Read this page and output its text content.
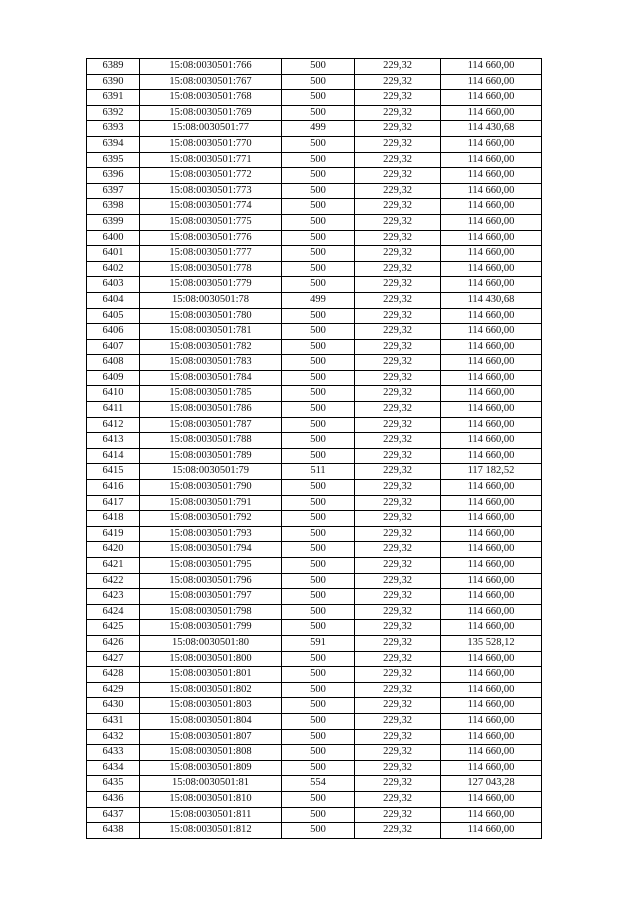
6389	15:08:0030501:766	500	229,32	114 660,00
6390	15:08:0030501:767	500	229,32	114 660,00
6391	15:08:0030501:768	500	229,32	114 660,00
6392	15:08:0030501:769	500	229,32	114 660,00
6393	15:08:0030501:77	499	229,32	114 430,68
6394	15:08:0030501:770	500	229,32	114 660,00
6395	15:08:0030501:771	500	229,32	114 660,00
6396	15:08:0030501:772	500	229,32	114 660,00
6397	15:08:0030501:773	500	229,32	114 660,00
6398	15:08:0030501:774	500	229,32	114 660,00
6399	15:08:0030501:775	500	229,32	114 660,00
6400	15:08:0030501:776	500	229,32	114 660,00
6401	15:08:0030501:777	500	229,32	114 660,00
6402	15:08:0030501:778	500	229,32	114 660,00
6403	15:08:0030501:779	500	229,32	114 660,00
6404	15:08:0030501:78	499	229,32	114 430,68
6405	15:08:0030501:780	500	229,32	114 660,00
6406	15:08:0030501:781	500	229,32	114 660,00
6407	15:08:0030501:782	500	229,32	114 660,00
6408	15:08:0030501:783	500	229,32	114 660,00
6409	15:08:0030501:784	500	229,32	114 660,00
6410	15:08:0030501:785	500	229,32	114 660,00
6411	15:08:0030501:786	500	229,32	114 660,00
6412	15:08:0030501:787	500	229,32	114 660,00
6413	15:08:0030501:788	500	229,32	114 660,00
6414	15:08:0030501:789	500	229,32	114 660,00
6415	15:08:0030501:79	511	229,32	117 182,52
6416	15:08:0030501:790	500	229,32	114 660,00
6417	15:08:0030501:791	500	229,32	114 660,00
6418	15:08:0030501:792	500	229,32	114 660,00
6419	15:08:0030501:793	500	229,32	114 660,00
6420	15:08:0030501:794	500	229,32	114 660,00
6421	15:08:0030501:795	500	229,32	114 660,00
6422	15:08:0030501:796	500	229,32	114 660,00
6423	15:08:0030501:797	500	229,32	114 660,00
6424	15:08:0030501:798	500	229,32	114 660,00
6425	15:08:0030501:799	500	229,32	114 660,00
6426	15:08:0030501:80	591	229,32	135 528,12
6427	15:08:0030501:800	500	229,32	114 660,00
6428	15:08:0030501:801	500	229,32	114 660,00
6429	15:08:0030501:802	500	229,32	114 660,00
6430	15:08:0030501:803	500	229,32	114 660,00
6431	15:08:0030501:804	500	229,32	114 660,00
6432	15:08:0030501:807	500	229,32	114 660,00
6433	15:08:0030501:808	500	229,32	114 660,00
6434	15:08:0030501:809	500	229,32	114 660,00
6435	15:08:0030501:81	554	229,32	127 043,28
6436	15:08:0030501:810	500	229,32	114 660,00
6437	15:08:0030501:811	500	229,32	114 660,00
6438	15:08:0030501:812	500	229,32	114 660,00
